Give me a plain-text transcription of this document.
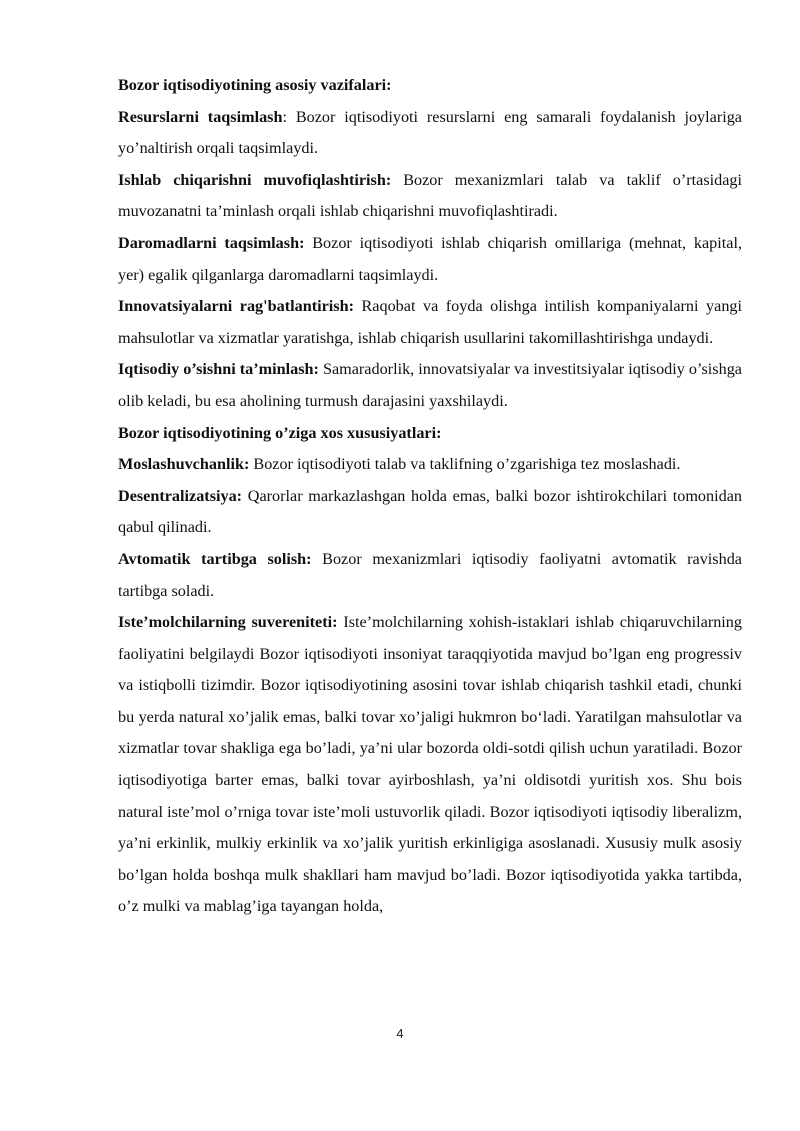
Bozor iqtisodiyotining asosiy vazifalari:

Resurslarni taqsimlash: Bozor iqtisodiyoti resurslarni eng samarali foydalanish joylariga yo’naltirish orqali taqsimlaydi.

Ishlab chiqarishni muvofiqlashtirish: Bozor mexanizmlari talab va taklif o’rtasidagi muvozanatni ta’minlash orqali ishlab chiqarishni muvofiqlashtiradi.

Daromadlarni taqsimlash: Bozor iqtisodiyoti ishlab chiqarish omillariga (mehnat, kapital, yer) egalik qilganlarga daromadlarni taqsimlaydi.

Innovatsiyalarni rag'batlantirish: Raqobat va foyda olishga intilish kompaniyalarni yangi mahsulotlar va xizmatlar yaratishga, ishlab chiqarish usullarini takomillashtirishga undaydi.

Iqtisodiy o’sishni ta’minlash: Samaradorlik, innovatsiyalar va investitsiyalar iqtisodiy o’sishga olib keladi, bu esa aholining turmush darajasini yaxshilaydi.

Bozor iqtisodiyotining o’ziga xos xususiyatlari:

Moslashuvchanlik: Bozor iqtisodiyoti talab va taklifning o’zgarishiga tez moslashadi.

Desentralizatsiya: Qarorlar markazlashgan holda emas, balki bozor ishtirokchilari tomonidan qabul qilinadi.

Avtomatik tartibga solish: Bozor mexanizmlari iqtisodiy faoliyatni avtomatik ravishda tartibga soladi.

Iste’molchilarning suvereniteti: Iste’molchilarning xohish-istaklari ishlab chiqaruvchilarning faoliyatini belgilaydi Bozor iqtisodiyoti insoniyat taraqqiyotida mavjud bo’lgan eng progressiv va istiqbolli tizimdir. Bozor iqtisodiyotining asosini tovar ishlab chiqarish tashkil etadi, chunki bu yerda natural xo’jalik emas, balki tovar xo’jaligi hukmron bo‘ladi. Yaratilgan mahsulotlar va xizmatlar tovar shakliga ega bo’ladi, ya’ni ular bozorda oldi-sotdi qilish uchun yaratiladi. Bozor iqtisodiyotiga barter emas, balki tovar ayirboshlash, ya’ni oldisotdi yuritish xos. Shu bois natural iste’mol o’rniga tovar iste’moli ustuvorlik qiladi. Bozor iqtisodiyoti iqtisodiy liberalizm, ya’ni erkinlik, mulkiy erkinlik va xo’jalik yuritish erkinligiga asoslanadi. Xususiy mulk asosiy bo’lgan holda boshqa mulk shakllari ham mavjud bo’ladi. Bozor iqtisodiyotida yakka tartibda, o’z mulki va mablag’iga tayangan holda,

4
